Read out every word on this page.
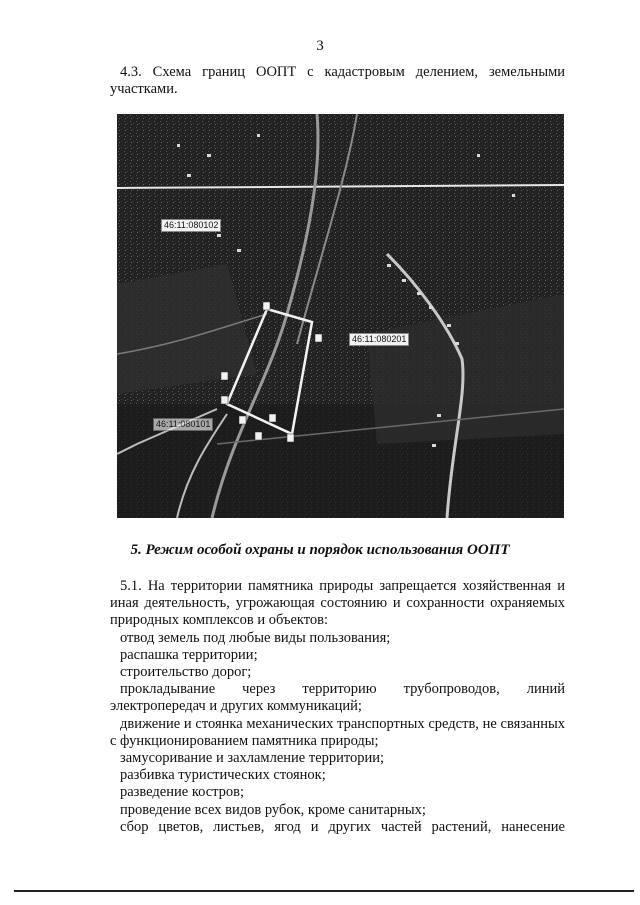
3
4.3. Схема границ ООПТ с кадастровым делением, земельными участками.
46:11:080102
46:11:080201
46:11:080101
5. Режим особой охраны и порядок использования ООПТ

5.1. На территории памятника природы запрещается хозяйственная и иная деятельность, угрожающая состоянию и сохранности охраняемых природных комплексов и объектов:

отвод земель под любые виды пользования;

распашка территории;

строительство дорог;

прокладывание через территорию трубопроводов, линий электропередач и других коммуникаций;

движение и стоянка механических транспортных средств, не связанных с функционированием памятника природы;

замусоривание и захламление территории;

разбивка туристических стоянок;

разведение костров;

проведение всех видов рубок, кроме санитарных;

сбор цветов, листьев, ягод и других частей растений, нанесение
